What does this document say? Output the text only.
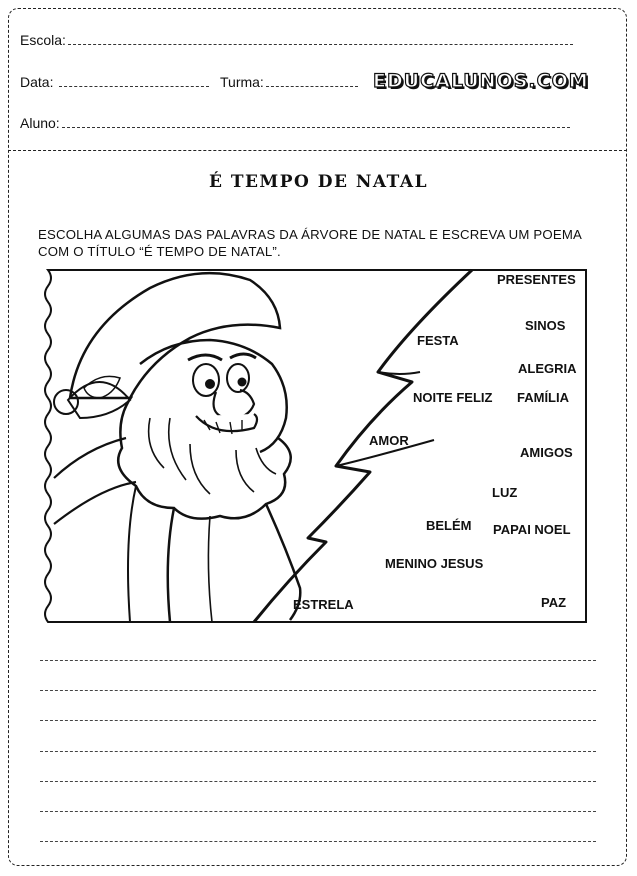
Escola:
Data:	Turma:	EDUCALUNOS.COM
Aluno:
É TEMPO DE NATAL
ESCOLHA ALGUMAS DAS PALAVRAS DA ÁRVORE DE NATAL E ESCREVA UM POEMA COM O TÍTULO “É TEMPO DE NATAL”.
PRESENTES
SINOS
FESTA
ALEGRIA
NOITE FELIZ FAMÍLIA
AMOR
AMIGOS
LUZ
BELÉM PAPAI NOEL
MENINO JESUS
ESTRELA	PAZ
